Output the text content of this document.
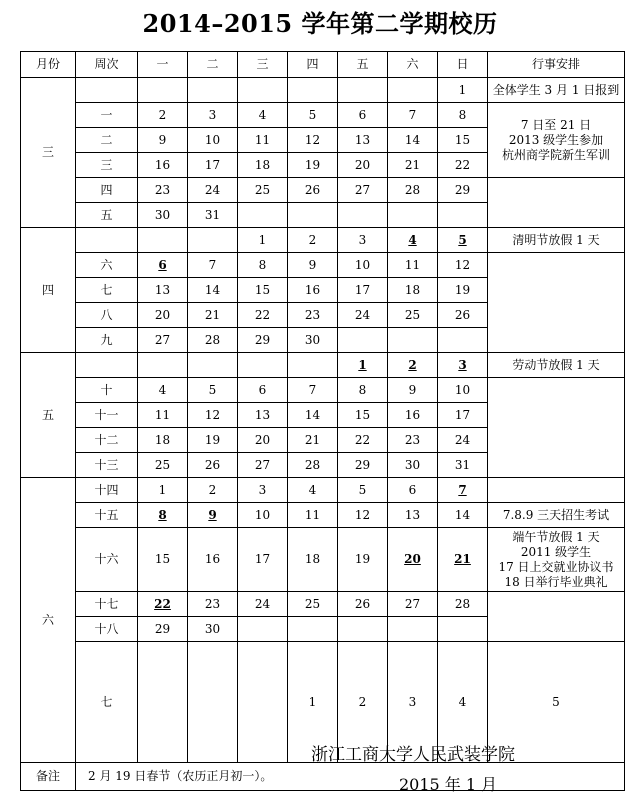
2014–2015 学年第二学期校历
月份	周次	一	二	三	四	五	六	日	行事安排	
三								1	全体学生 3 月 1 日报到	
	一	2	3	4	5	6	7	8	7 日至 21 日
2013 级学生参加
杭州商学院新生军训	

	二	9	10	11	12	13	14	15		
	三	16	17	18	19	20	21	22		
	四	23	24	25	26	27	28	29		
	五	30	31							
四				1	2	3	4	5	清明节放假 1 天	
	六	6	7	8	9	10	11	12		
	七	13	14	15	16	17	18	19		
	八	20	21	22	23	24	25	26		
	九	27	28	29	30					
五						1	2	3	劳动节放假 1 天	
	十	4	5	6	7	8	9	10		
	十一	11	12	13	14	15	16	17		
	十二	18	19	20	21	22	23	24		
	十三	25	26	27	28	29	30	31		
六	十四	1	2	3	4	5	6	7		
	十五	8	9	10	11	12	13	14	7.8.9 三天招生考试	
	十六	15	16	17	18	19	20	21	端午节放假 1 天
2011 级学生
17 日上交就业协议书
18 日举行毕业典礼	

	十七	22	23	24	25	26	27	28		
	十八	29	30							
	七				1	2	3	4	5	
备注	2 月 19 日春节（农历正月初一）。									
浙江工商大学人民武装学院
2015 年 1 月
